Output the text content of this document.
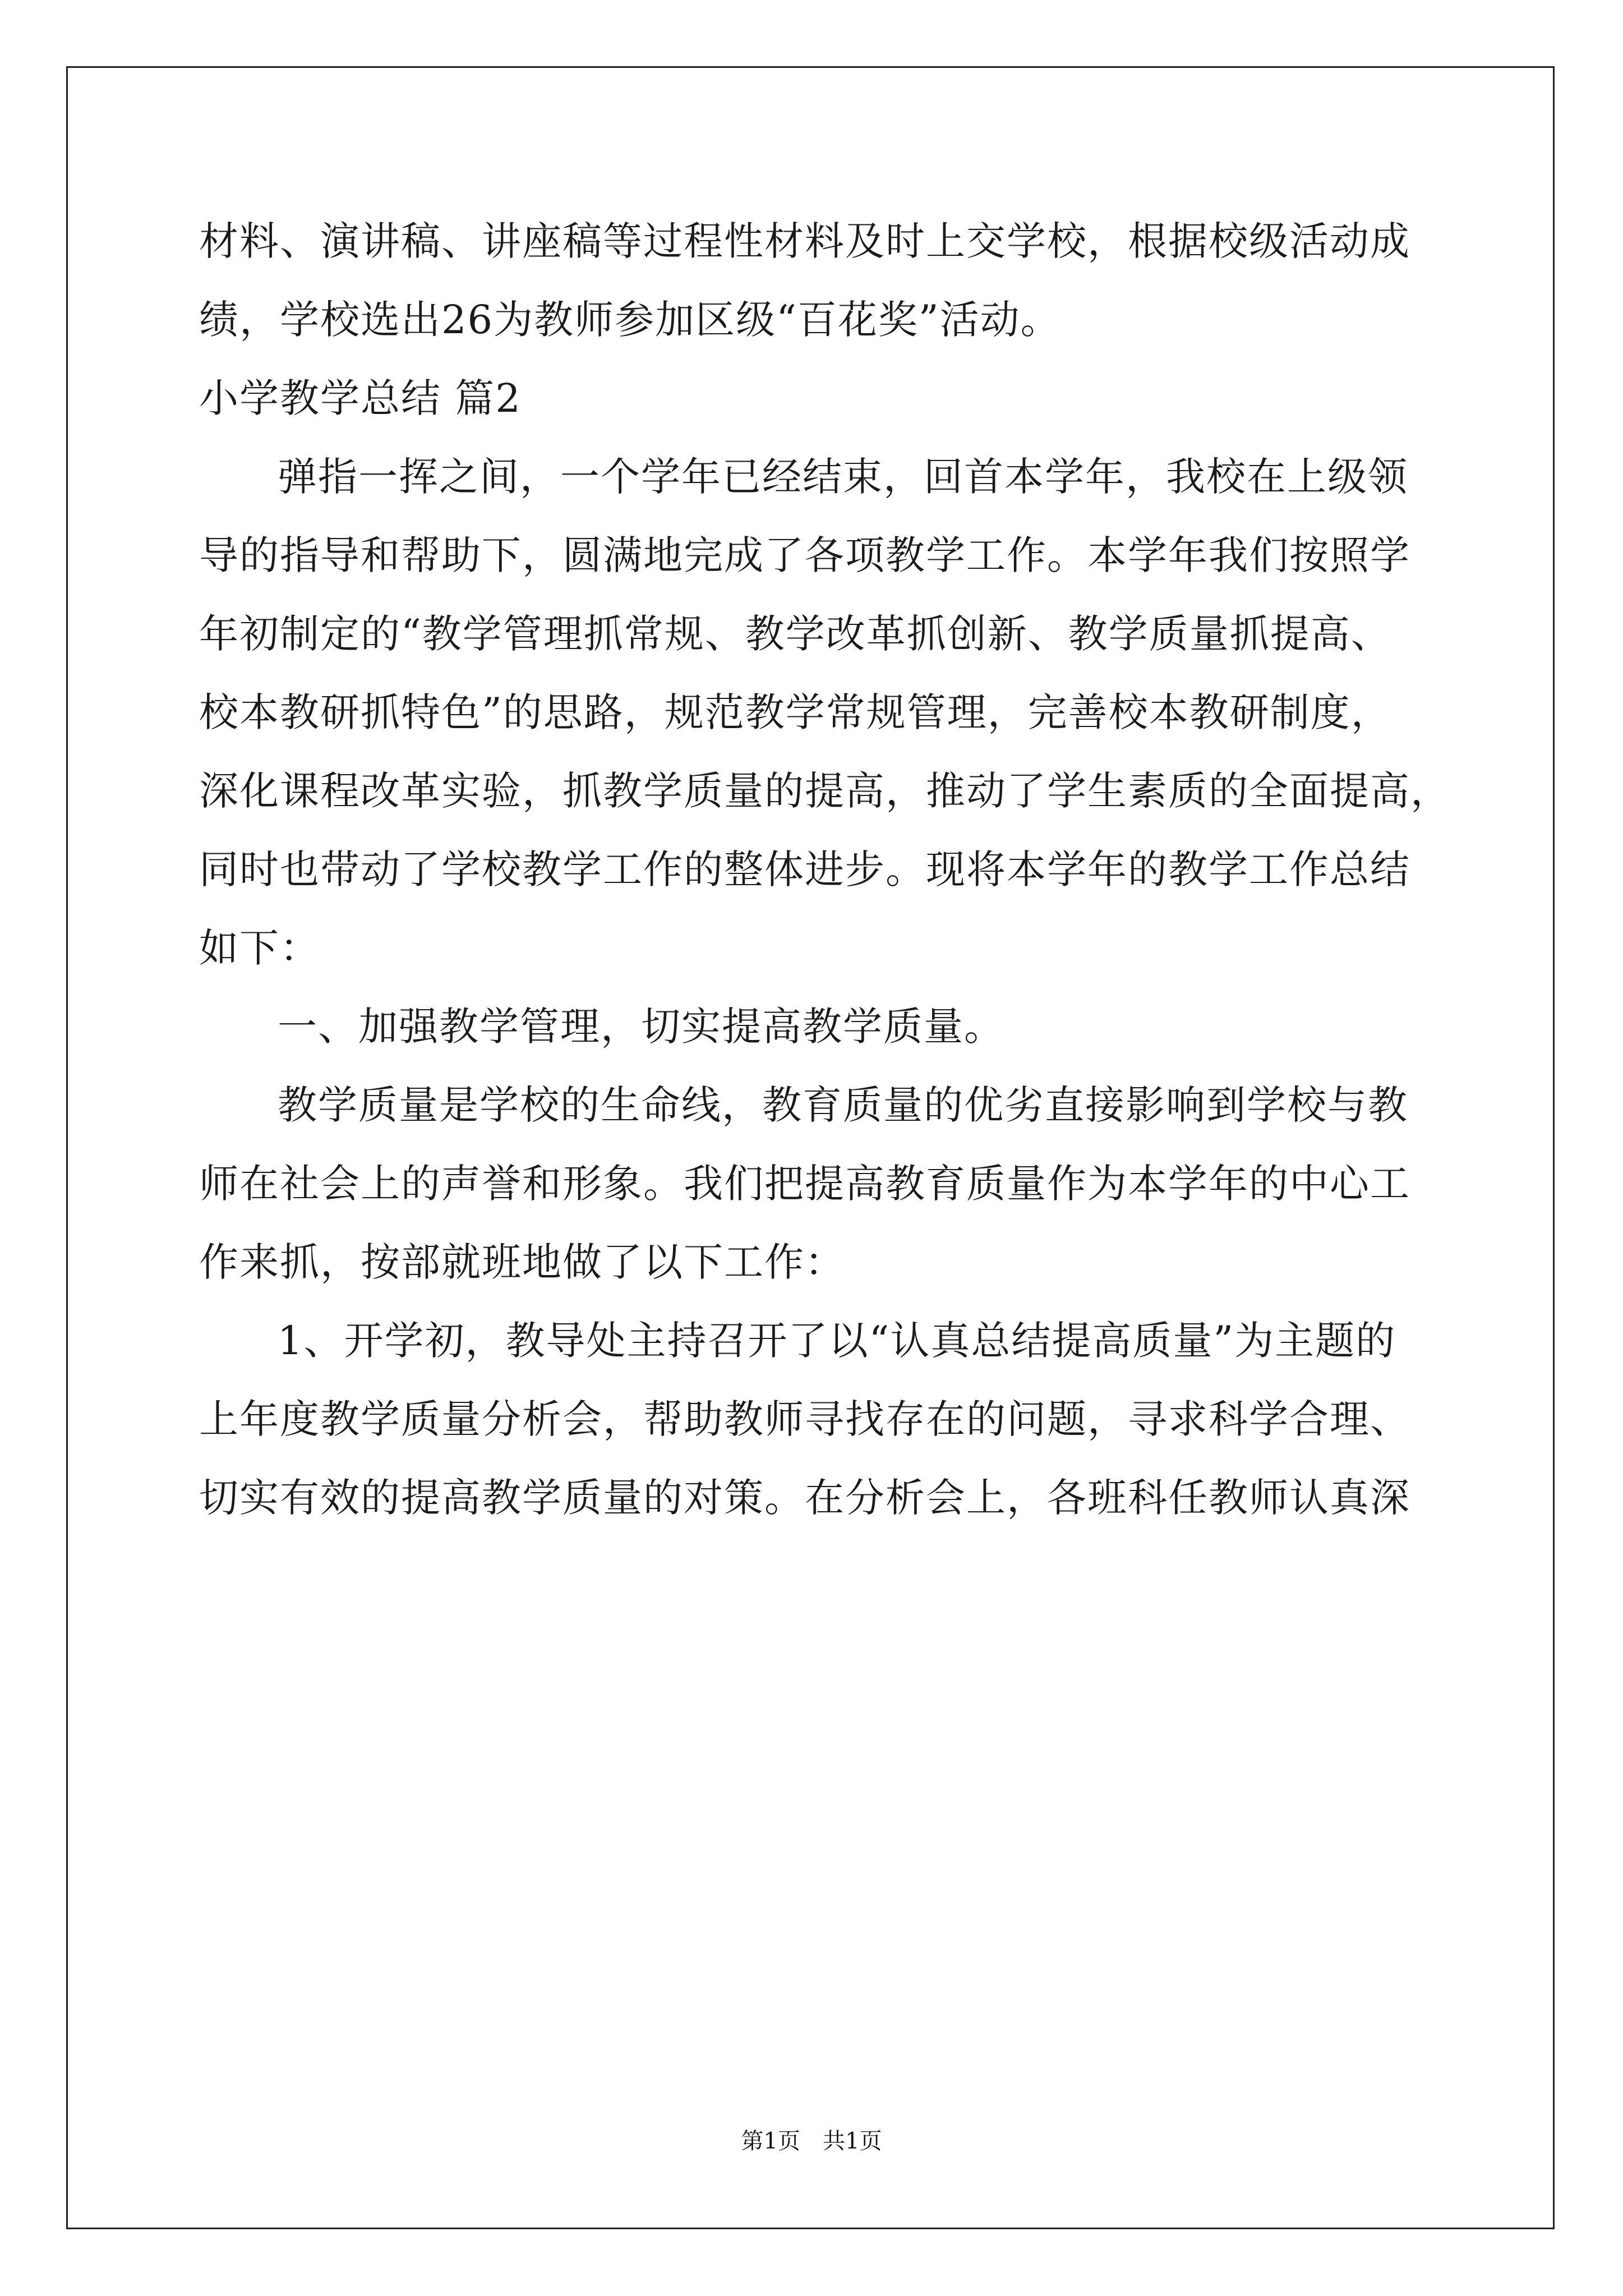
材料、演讲稿、讲座稿等过程性材料及时上交学校，根据校级活动成
绩，学校选出26为教师参加区级“百花奖”活动。
小学教学总结 篇2
弹指一挥之间，一个学年已经结束，回首本学年，我校在上级领
导的指导和帮助下，圆满地完成了各项教学工作。本学年我们按照学
年初制定的“教学管理抓常规、教学改革抓创新、教学质量抓提高、
校本教研抓特色”的思路，规范教学常规管理，完善校本教研制度，
深化课程改革实验，抓教学质量的提高，推动了学生素质的全面提高，
同时也带动了学校教学工作的整体进步。现将本学年的教学工作总结
如下：
一、加强教学管理，切实提高教学质量。
教学质量是学校的生命线，教育质量的优劣直接影响到学校与教
师在社会上的声誉和形象。我们把提高教育质量作为本学年的中心工
作来抓，按部就班地做了以下工作：
1、开学初，教导处主持召开了以“认真总结提高质量”为主题的
上年度教学质量分析会，帮助教师寻找存在的问题，寻求科学合理、
切实有效的提高教学质量的对策。在分析会上，各班科任教师认真深
第1页　共1页
